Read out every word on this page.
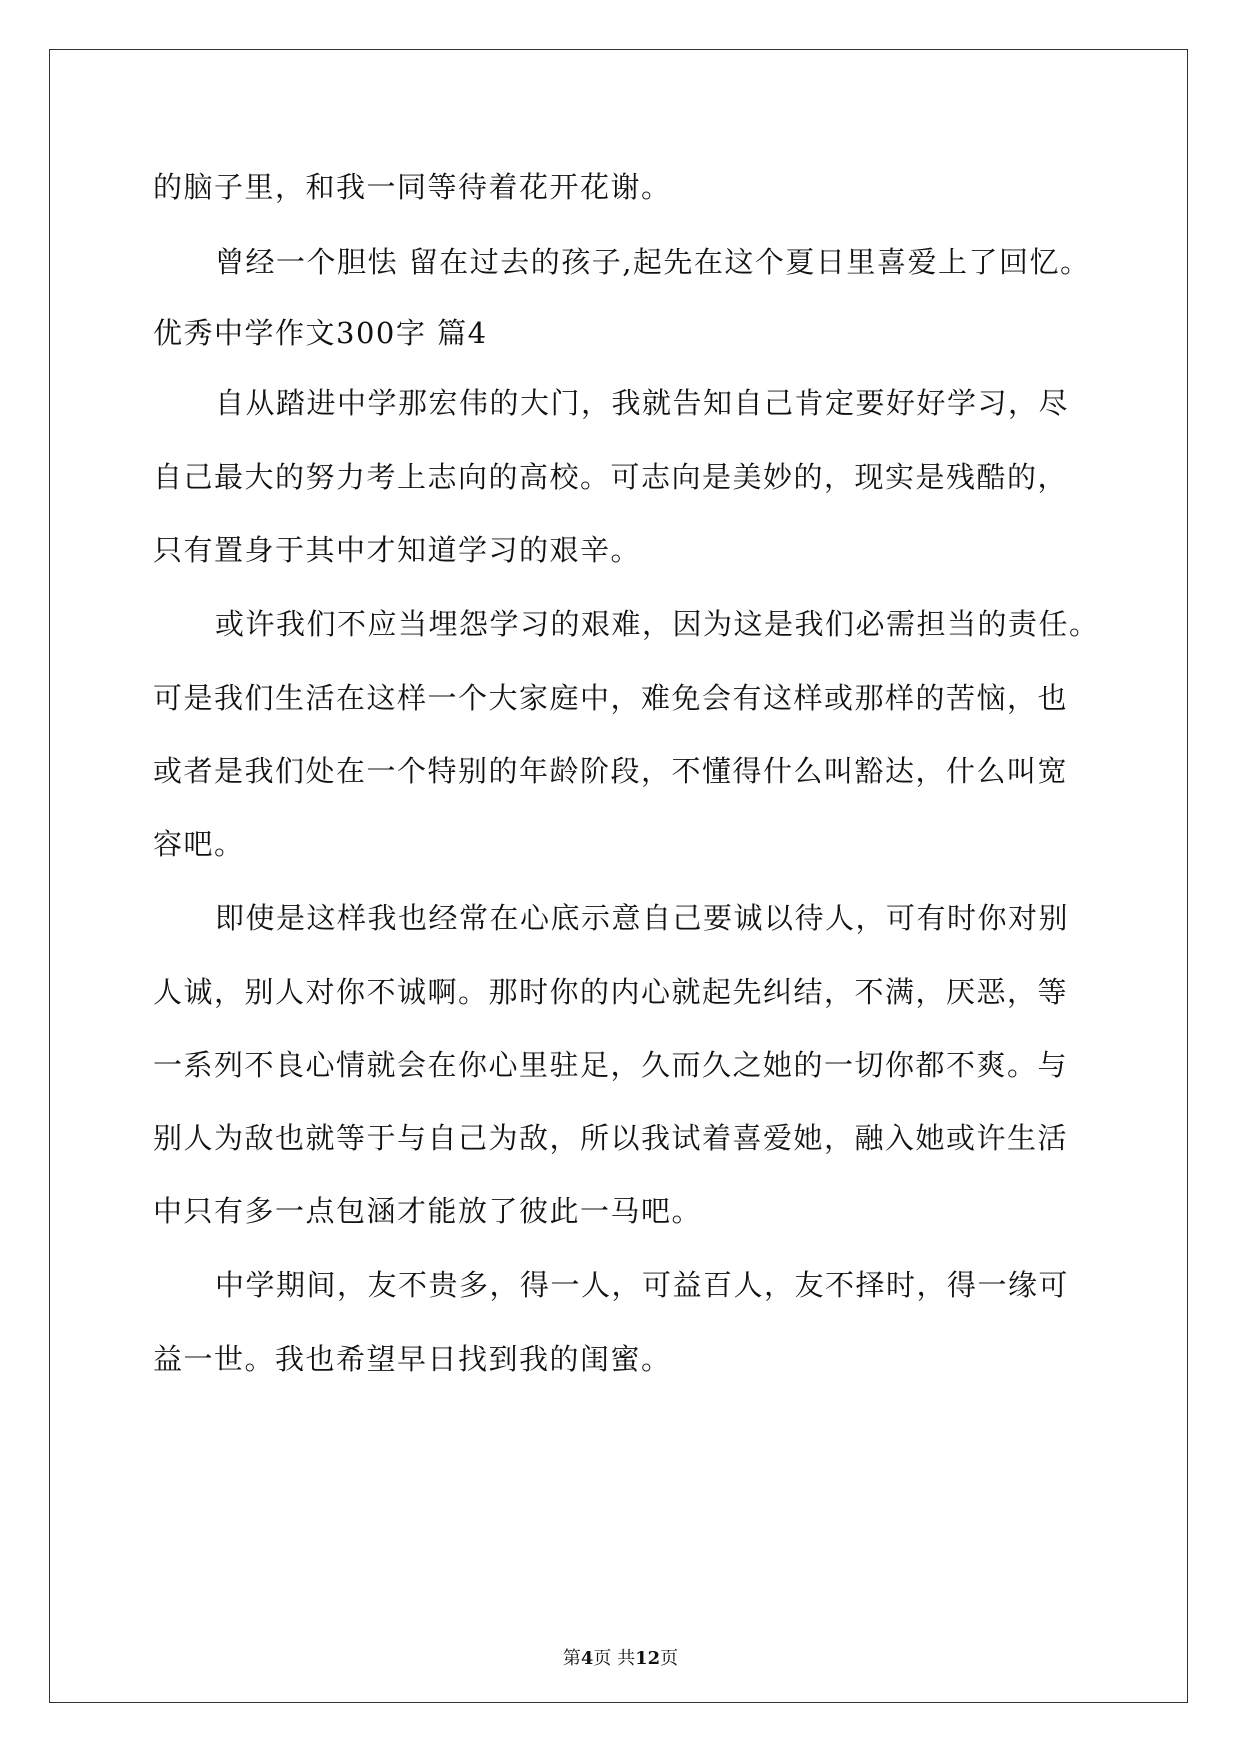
的脑子里，和我一同等待着花开花谢。
曾经一个胆怯 留在过去的孩子,起先在这个夏日里喜爱上了回忆。
优秀中学作文300字 篇4
自从踏进中学那宏伟的大门，我就告知自己肯定要好好学习，尽
自己最大的努力考上志向的高校。可志向是美妙的，现实是残酷的，
只有置身于其中才知道学习的艰辛。
或许我们不应当埋怨学习的艰难，因为这是我们必需担当的责任。
可是我们生活在这样一个大家庭中，难免会有这样或那样的苦恼，也
或者是我们处在一个特别的年龄阶段，不懂得什么叫豁达，什么叫宽
容吧。
即使是这样我也经常在心底示意自己要诚以待人，可有时你对别
人诚，别人对你不诚啊。那时你的内心就起先纠结，不满，厌恶，等
一系列不良心情就会在你心里驻足，久而久之她的一切你都不爽。与
别人为敌也就等于与自己为敌，所以我试着喜爱她，融入她或许生活
中只有多一点包涵才能放了彼此一马吧。
中学期间，友不贵多，得一人，可益百人，友不择时，得一缘可
益一世。我也希望早日找到我的闺蜜。
第4页 共12页
